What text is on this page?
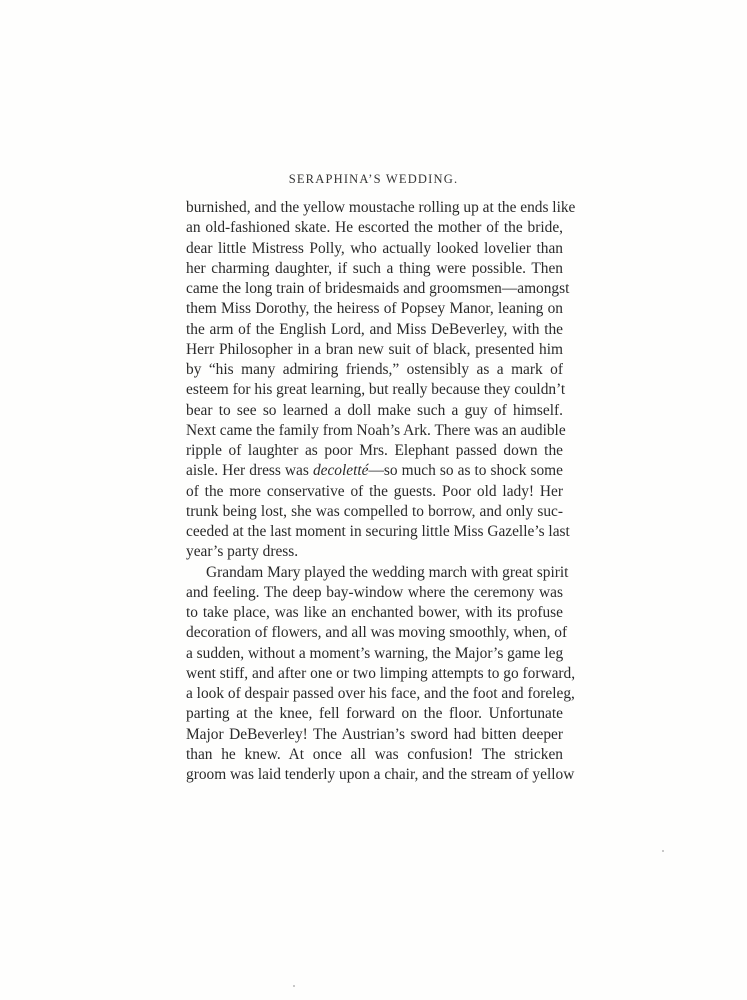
SERAPHINA’S WEDDING.
burnished, and the yellow moustache rolling up at the ends like
an old-fashioned skate. He escorted the mother of the bride,
dear little Mistress Polly, who actually looked lovelier than
her charming daughter, if such a thing were possible. Then
came the long train of bridesmaids and groomsmen—amongst
them Miss Dorothy, the heiress of Popsey Manor, leaning on
the arm of the English Lord, and Miss DeBeverley, with the
Herr Philosopher in a bran new suit of black, presented him
by “his many admiring friends,” ostensibly as a mark of
esteem for his great learning, but really because they couldn’t
bear to see so learned a doll make such a guy of himself.
Next came the family from Noah’s Ark. There was an audible
ripple of laughter as poor Mrs. Elephant passed down the
aisle. Her dress was decoletté—so much so as to shock some
of the more conservative of the guests. Poor old lady! Her
trunk being lost, she was compelled to borrow, and only suc-
ceeded at the last moment in securing little Miss Gazelle’s last
year’s party dress.
Grandam Mary played the wedding march with great spirit
and feeling. The deep bay-window where the ceremony was
to take place, was like an enchanted bower, with its profuse
decoration of flowers, and all was moving smoothly, when, of
a sudden, without a moment’s warning, the Major’s game leg
went stiff, and after one or two limping attempts to go forward,
a look of despair passed over his face, and the foot and foreleg,
parting at the knee, fell forward on the floor. Unfortunate
Major DeBeverley! The Austrian’s sword had bitten deeper
than he knew. At once all was confusion! The stricken
groom was laid tenderly upon a chair, and the stream of yellow
